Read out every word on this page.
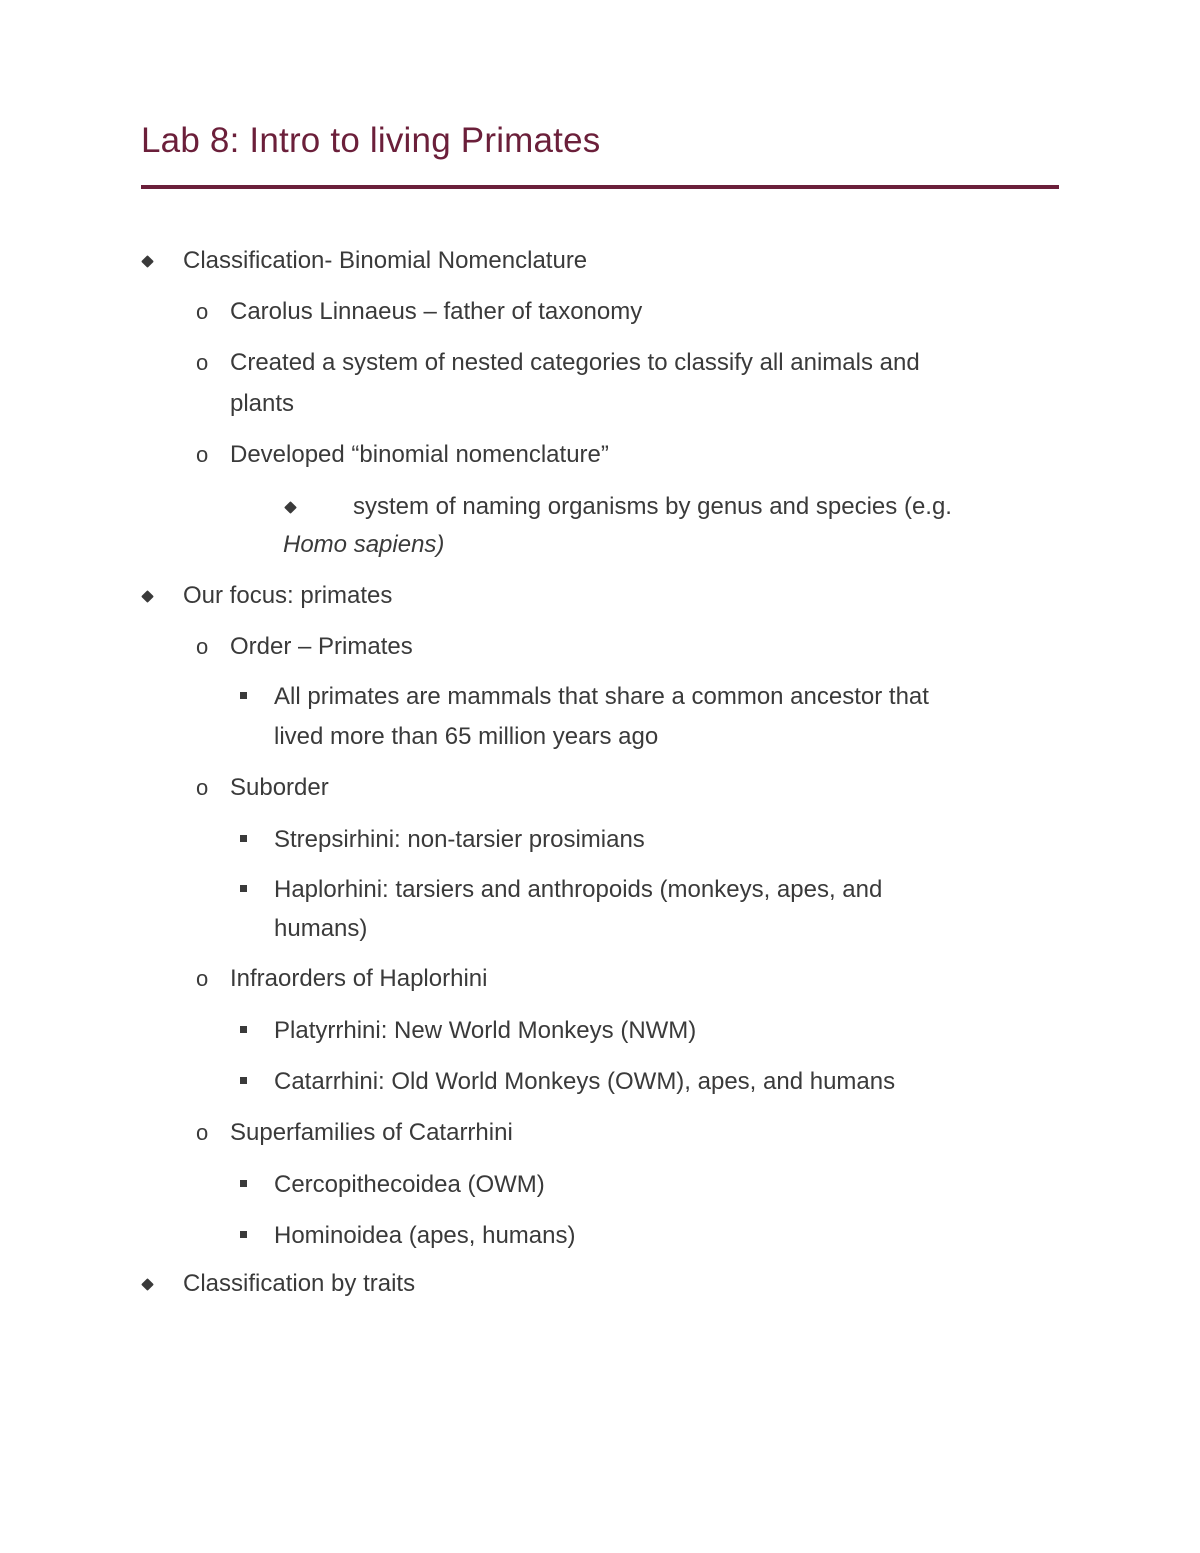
Lab 8: Intro to living Primates
Classification- Binomial Nomenclature
o Carolus Linnaeus – father of taxonomy
o Created a system of nested categories to classify all animals and
plants
o Developed “binomial nomenclature”
system of naming organisms by genus and species (e.g.
Homo sapiens)
Our focus: primates
o Order – Primates
All primates are mammals that share a common ancestor that
lived more than 65 million years ago
o Suborder
Strepsirhini: non-tarsier prosimians
Haplorhini: tarsiers and anthropoids (monkeys, apes, and
humans)
o Infraorders of Haplorhini
Platyrrhini: New World Monkeys (NWM)
Catarrhini: Old World Monkeys (OWM), apes, and humans
o Superfamilies of Catarrhini
Cercopithecoidea (OWM)
Hominoidea (apes, humans)
Classification by traits
